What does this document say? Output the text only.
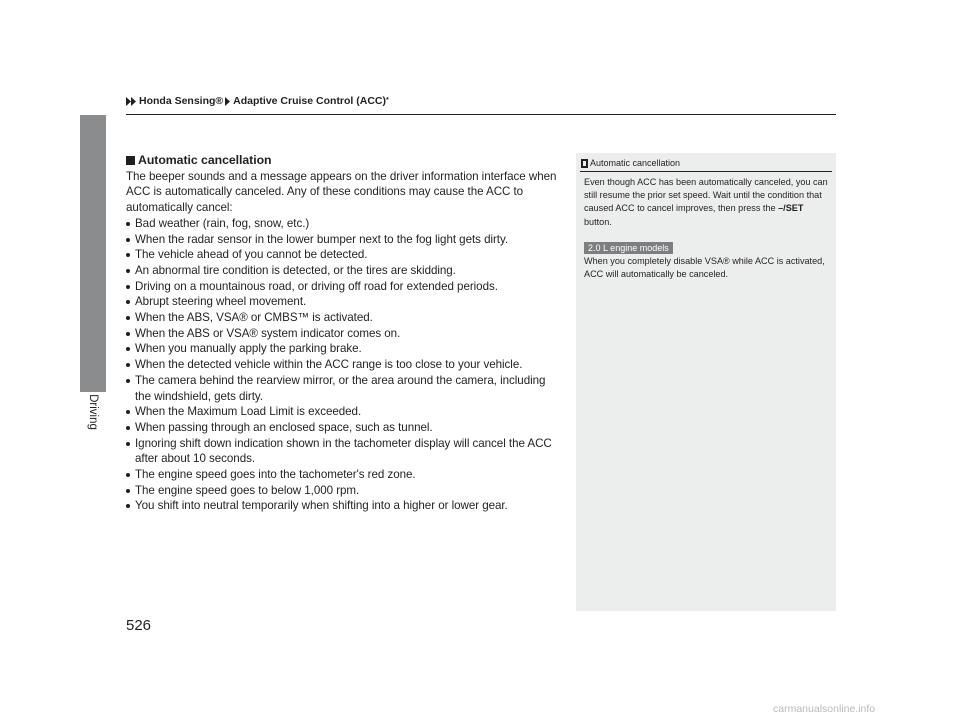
Honda Sensing® Adaptive Cruise Control (ACC) *
Driving

Automatic cancellation

The beeper sounds and a message appears on the driver information interface when ACC is automatically canceled. Any of these conditions may cause the ACC to automatically cancel:

Bad weather (rain, fog, snow, etc.)
When the radar sensor in the lower bumper next to the fog light gets dirty.
The vehicle ahead of you cannot be detected.
An abnormal tire condition is detected, or the tires are skidding.
Driving on a mountainous road, or driving off road for extended periods.
Abrupt steering wheel movement.
When the ABS, VSA® or CMBS™ is activated.
When the ABS or VSA® system indicator comes on.
When you manually apply the parking brake.
When the detected vehicle within the ACC range is too close to your vehicle.
The camera behind the rearview mirror, or the area around the camera, including the windshield, gets dirty.
When the Maximum Load Limit is exceeded.
When passing through an enclosed space, such as tunnel.
Ignoring shift down indication shown in the tachometer display will cancel the ACC after about 10 seconds.
The engine speed goes into the tachometer's red zone.
The engine speed goes to below 1,000 rpm.
You shift into neutral temporarily when shifting into a higher or lower gear.
Automatic cancellation

Even though ACC has been automatically canceled, you can still resume the prior set speed. Wait until the condition that caused ACC to cancel improves, then press the –/SET button.

2.0 L engine models

When you completely disable VSA® while ACC is activated, ACC will automatically be canceled.

526
carmanualsonline.info
